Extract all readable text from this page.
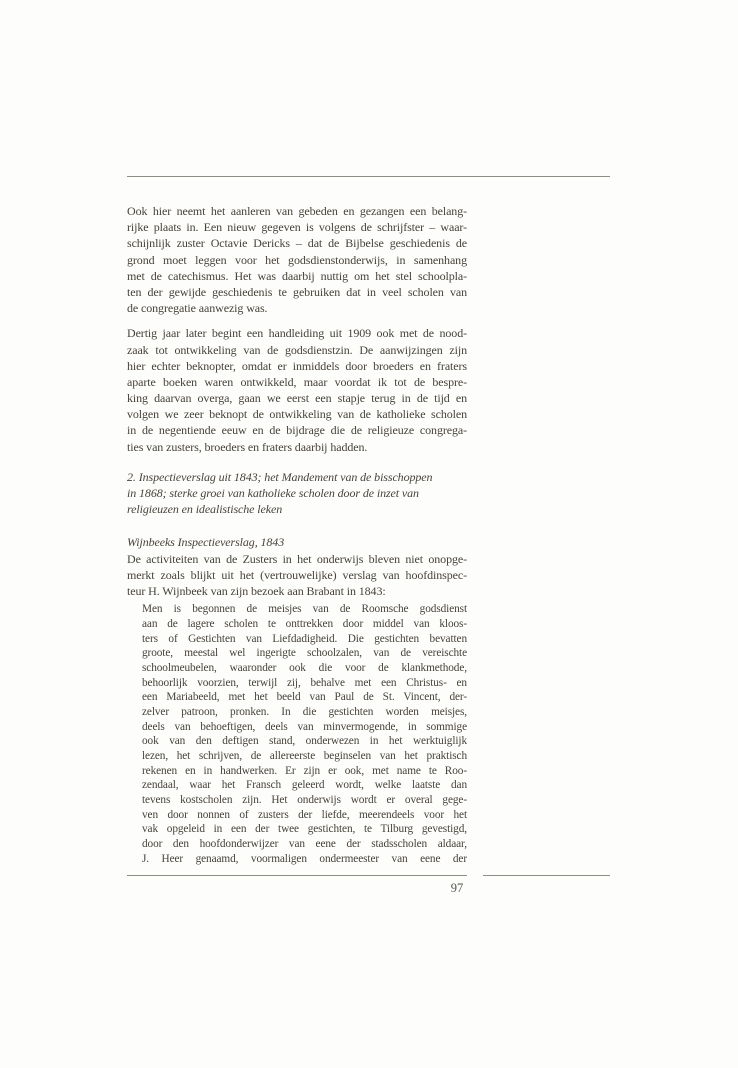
Ook hier neemt het aanleren van gebeden en gezangen een belang-
rijke plaats in. Een nieuw gegeven is volgens de schrijfster – waar-
schijnlijk zuster Octavie Dericks – dat de Bijbelse geschiedenis de
grond moet leggen voor het godsdienstonderwijs, in samenhang
met de catechismus. Het was daarbij nuttig om het stel schoolpla-
ten der gewijde geschiedenis te gebruiken dat in veel scholen van
de congregatie aanwezig was.
Dertig jaar later begint een handleiding uit 1909 ook met de nood-
zaak tot ontwikkeling van de godsdienstzin. De aanwijzingen zijn
hier echter beknopter, omdat er inmiddels door broeders en fraters
aparte boeken waren ontwikkeld, maar voordat ik tot de bespre-
king daarvan overga, gaan we eerst een stapje terug in de tijd en
volgen we zeer beknopt de ontwikkeling van de katholieke scholen
in de negentiende eeuw en de bijdrage die de religieuze congrega-
ties van zusters, broeders en fraters daarbij hadden.
2. Inspectieverslag uit 1843; het Mandement van de bisschoppen
in 1868; sterke groei van katholieke scholen door de inzet van
religieuzen en idealistische leken
Wijnbeeks Inspectieverslag, 1843
De activiteiten van de Zusters in het onderwijs bleven niet onopge-
merkt zoals blijkt uit het (vertrouwelijke) verslag van hoofdinspec-
teur H. Wijnbeek van zijn bezoek aan Brabant in 1843:
Men is begonnen de meisjes van de Roomsche godsdienst
aan de lagere scholen te onttrekken door middel van kloos-
ters of Gestichten van Liefdadigheid. Die gestichten bevatten
groote, meestal wel ingerigte schoolzalen, van de vereischte
schoolmeubelen, waaronder ook die voor de klankmethode,
behoorlijk voorzien, terwijl zij, behalve met een Christus- en
een Mariabeeld, met het beeld van Paul de St. Vincent, der-
zelver patroon, pronken. In die gestichten worden meisjes,
deels van behoeftigen, deels van minvermogende, in sommige
ook van den deftigen stand, onderwezen in het werktuiglijk
lezen, het schrijven, de allereerste beginselen van het praktisch
rekenen en in handwerken. Er zijn er ook, met name te Roo-
zendaal, waar het Fransch geleerd wordt, welke laatste dan
tevens kostscholen zijn. Het onderwijs wordt er overal gege-
ven door nonnen of zusters der liefde, meerendeels voor het
vak opgeleid in een der twee gestichten, te Tilburg gevestigd,
door den hoofdonderwijzer van eene der stadsscholen aldaar,
J. Heer genaamd, voormaligen ondermeester van eene der
97
